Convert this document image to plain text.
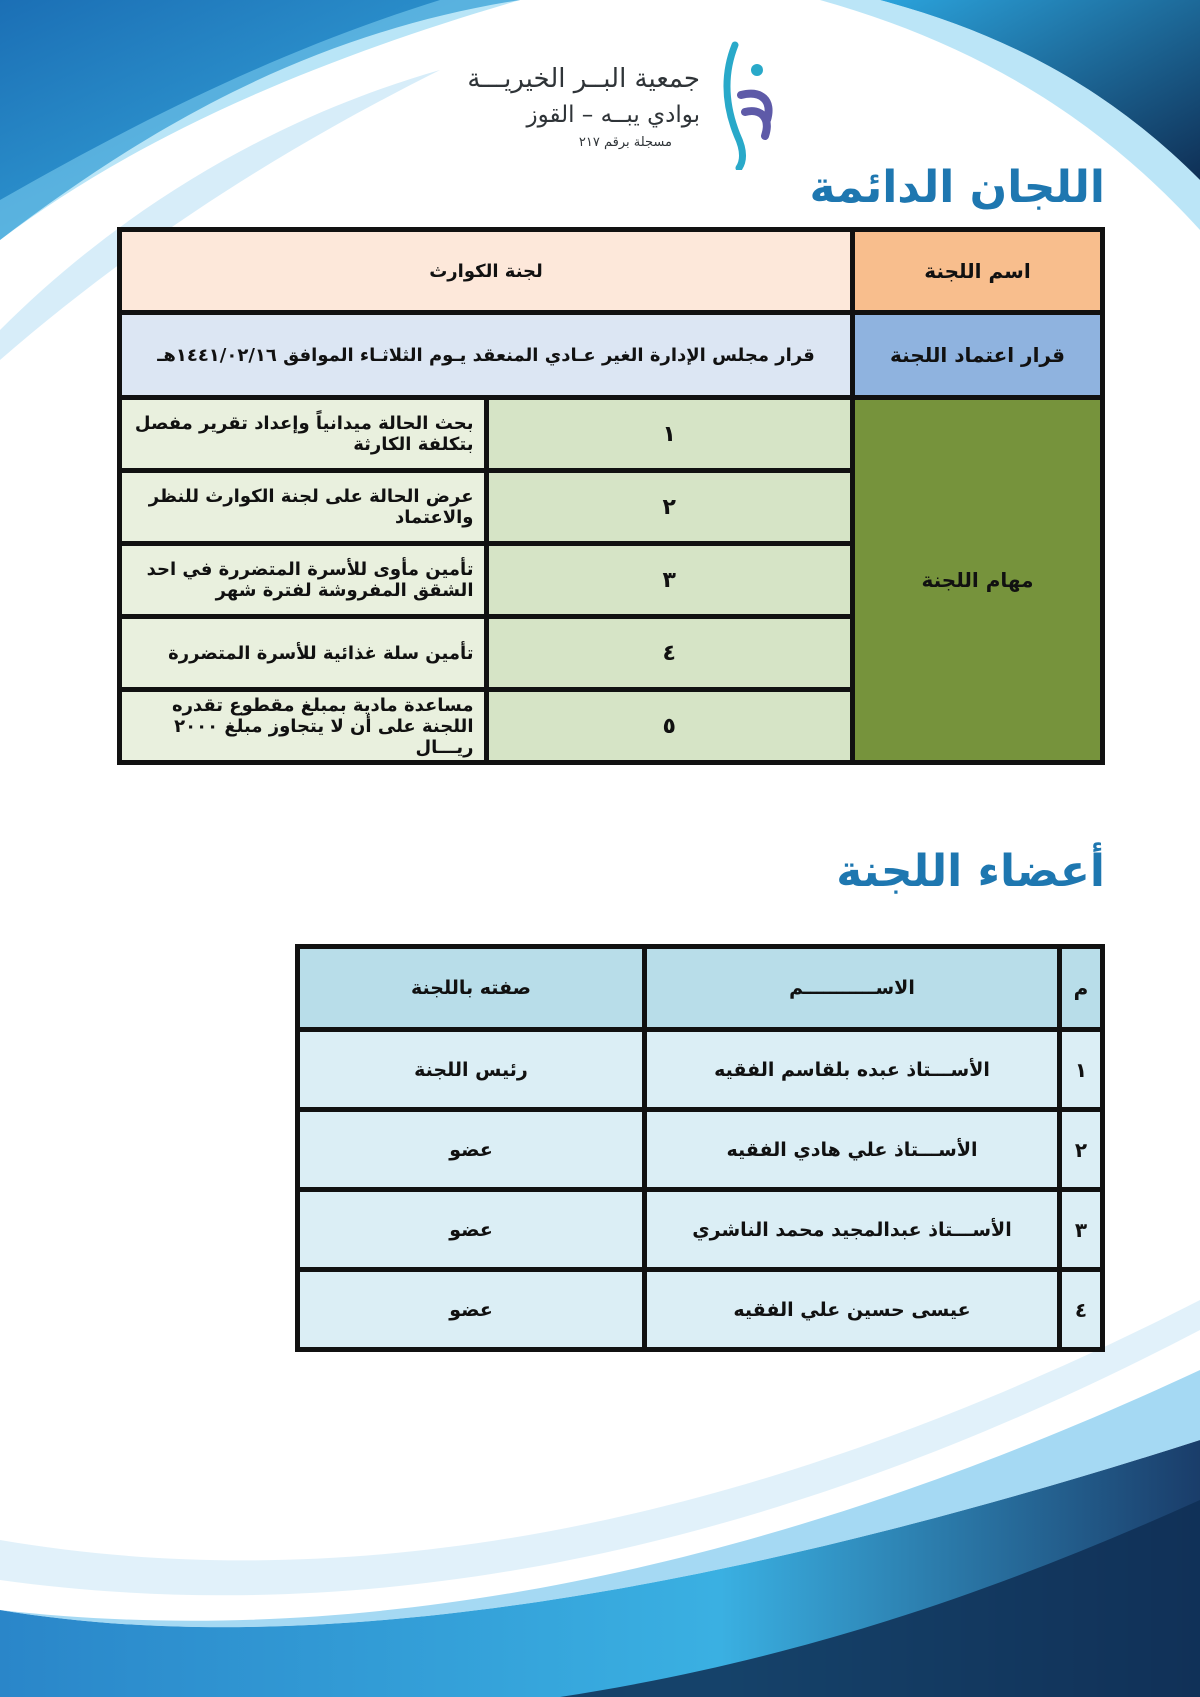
جمعية البــر الخيريـــة
بوادي يبــه – القوز
مسجلة برقم ٢١٧
اللجان الدائمة
اسم اللجنة	لجنة الكوارث	
قرار اعتماد اللجنة	قرار مجلس الإدارة الغير عـادي المنعقد يـوم الثلاثـاء الموافق ١٤٤١/٠٢/١٦هـ	
مهام اللجنة	١	بحث الحالة ميدانياً وإعداد تقرير مفصل بتكلفة الكارثة
	٢	عرض الحالة على لجنة الكوارث للنظر والاعتماد
	٣	تأمين مأوى للأسرة المتضررة في احد الشقق المفروشة لفترة شهر
	٤	تأمين سلة غذائية للأسرة المتضررة
	٥	مساعدة مادية بمبلغ مقطوع تقدره اللجنة على أن لا يتجاوز مبلغ ٢٠٠٠ ريـــال
أعضاء اللجنة
م	الاســـــــــــم	صفته باللجنة
١	الأســـتاذ عبده بلقاسم الفقيه	رئيس اللجنة
٢	الأســـتاذ علي هادي الفقيه	عضو
٣	الأســـتاذ عبدالمجيد محمد الناشري	عضو
٤	عيسى حسين علي الفقيه	عضو
